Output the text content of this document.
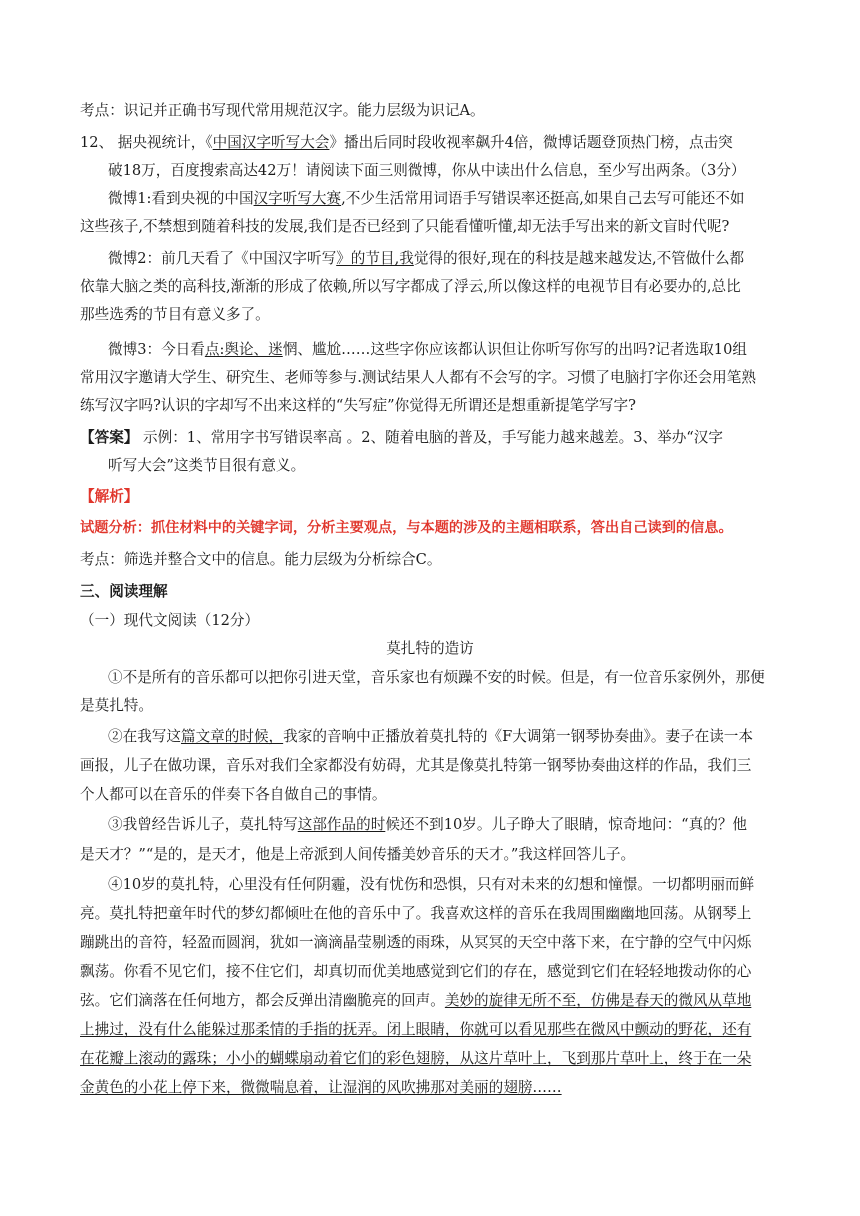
考点：识记并正确书写现代常用规范汉字。能力层级为识记A。
12、 据央视统计，《中国汉字听写大会》播出后同时段收视率飙升4倍，微博话题登顶热门榜，点击突
破18万，百度搜索高达42万！请阅读下面三则微博，你从中读出什么信息，至少写出两条。（3分）
微博1:看到央视的中国汉字听写大赛,不少生活常用词语手写错误率还挺高,如果自己去写可能还不如
这些孩子,不禁想到随着科技的发展,我们是否已经到了只能看懂听懂,却无法手写出来的新文盲时代呢?
微博2：前几天看了《中国汉字听写》的节目,我觉得的很好,现在的科技是越来越发达,不管做什么都
依靠大脑之类的高科技,渐渐的形成了依赖,所以写字都成了浮云,所以像这样的电视节目有必要办的,总比
那些选秀的节目有意义多了。
微博3：今日看点:舆论、迷惘、尴尬……这些字你应该都认识但让你听写你写的出吗?记者选取10组
常用汉字邀请大学生、研究生、老师等参与.测试结果人人都有不会写的字。习惯了电脑打字你还会用笔熟
练写汉字吗?认识的字却写不出来这样的“失写症”你觉得无所谓还是想重新提笔学写字?
【答案】 示例：1、常用字书写错误率高 。2、随着电脑的普及，手写能力越来越差。3、举办“汉字
听写大会”这类节目很有意义。
【解析】
试题分析：抓住材料中的关键字词，分析主要观点，与本题的涉及的主题相联系，答出自己读到的信息。
考点：筛选并整合文中的信息。能力层级为分析综合C。
三、阅读理解
（一）现代文阅读（12分）
莫扎特的造访
①不是所有的音乐都可以把你引进天堂，音乐家也有烦躁不安的时候。但是，有一位音乐家例外，那便
是莫扎特。
②在我写这篇文章的时候，我家的音响中正播放着莫扎特的《F大调第一钢琴协奏曲》。妻子在读一本
画报，儿子在做功课，音乐对我们全家都没有妨碍，尤其是像莫扎特第一钢琴协奏曲这样的作品，我们三
个人都可以在音乐的伴奏下各自做自己的事情。
③我曾经告诉儿子，莫扎特写这部作品的时候还不到10岁。儿子睁大了眼睛，惊奇地问：“真的？他
是天才？”“是的，是天才，他是上帝派到人间传播美妙音乐的天才。”我这样回答儿子。
④10岁的莫扎特，心里没有任何阴霾，没有忧伤和恐惧，只有对未来的幻想和憧憬。一切都明丽而鲜
亮。莫扎特把童年时代的梦幻都倾吐在他的音乐中了。我喜欢这样的音乐在我周围幽幽地回荡。从钢琴上
蹦跳出的音符，轻盈而圆润，犹如一滴滴晶莹剔透的雨珠，从冥冥的天空中落下来，在宁静的空气中闪烁
飘荡。你看不见它们，接不住它们，却真切而优美地感觉到它们的存在，感觉到它们在轻轻地拨动你的心
弦。它们滴落在任何地方，都会反弹出清幽脆亮的回声。美妙的旋律无所不至，仿佛是春天的微风从草地
上拂过，没有什么能躲过那柔情的手指的抚弄。闭上眼睛，你就可以看见那些在微风中颤动的野花，还有
在花瓣上滚动的露珠；小小的蝴蝶扇动着它们的彩色翅膀，从这片草叶上，飞到那片草叶上，终于在一朵
金黄色的小花上停下来，微微喘息着，让湿润的风吹拂那对美丽的翅膀……
